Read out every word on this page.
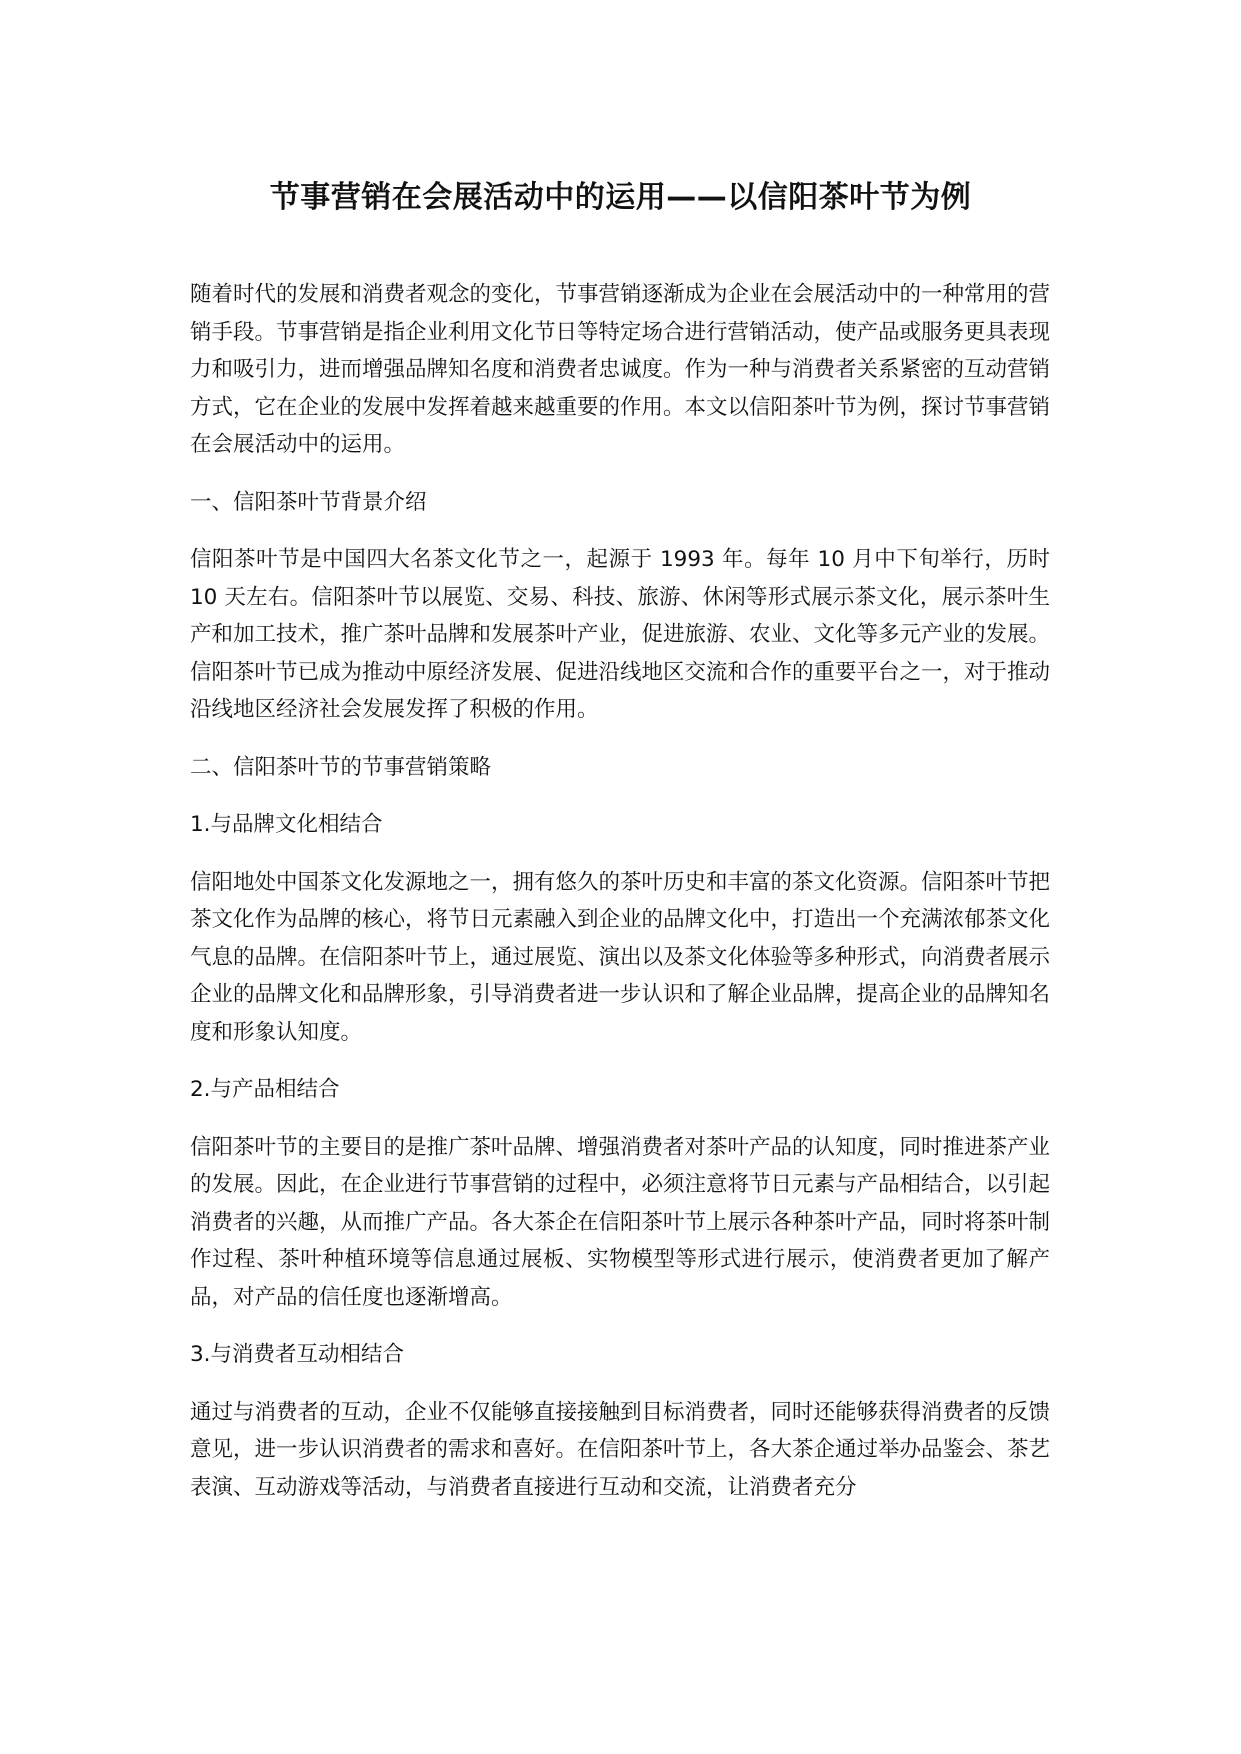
节事营销在会展活动中的运用——以信阳茶叶节为例

随着时代的发展和消费者观念的变化，节事营销逐渐成为企业在会展活动中的一种常用的营销手段。节事营销是指企业利用文化节日等特定场合进行营销活动，使产品或服务更具表现力和吸引力，进而增强品牌知名度和消费者忠诚度。作为一种与消费者关系紧密的互动营销方式，它在企业的发展中发挥着越来越重要的作用。本文以信阳茶叶节为例，探讨节事营销在会展活动中的运用。

一、信阳茶叶节背景介绍

信阳茶叶节是中国四大名茶文化节之一，起源于 1993 年。每年 10 月中下旬举行，历时 10 天左右。信阳茶叶节以展览、交易、科技、旅游、休闲等形式展示茶文化，展示茶叶生产和加工技术，推广茶叶品牌和发展茶叶产业，促进旅游、农业、文化等多元产业的发展。信阳茶叶节已成为推动中原经济发展、促进沿线地区交流和合作的重要平台之一，对于推动沿线地区经济社会发展发挥了积极的作用。

二、信阳茶叶节的节事营销策略

1.与品牌文化相结合

信阳地处中国茶文化发源地之一，拥有悠久的茶叶历史和丰富的茶文化资源。信阳茶叶节把茶文化作为品牌的核心，将节日元素融入到企业的品牌文化中，打造出一个充满浓郁茶文化气息的品牌。在信阳茶叶节上，通过展览、演出以及茶文化体验等多种形式，向消费者展示企业的品牌文化和品牌形象，引导消费者进一步认识和了解企业品牌，提高企业的品牌知名度和形象认知度。

2.与产品相结合

信阳茶叶节的主要目的是推广茶叶品牌、增强消费者对茶叶产品的认知度，同时推进茶产业的发展。因此，在企业进行节事营销的过程中，必须注意将节日元素与产品相结合，以引起消费者的兴趣，从而推广产品。各大茶企在信阳茶叶节上展示各种茶叶产品，同时将茶叶制作过程、茶叶种植环境等信息通过展板、实物模型等形式进行展示，使消费者更加了解产品，对产品的信任度也逐渐增高。

3.与消费者互动相结合

通过与消费者的互动，企业不仅能够直接接触到目标消费者，同时还能够获得消费者的反馈意见，进一步认识消费者的需求和喜好。在信阳茶叶节上，各大茶企通过举办品鉴会、茶艺表演、互动游戏等活动，与消费者直接进行互动和交流，让消费者充分
